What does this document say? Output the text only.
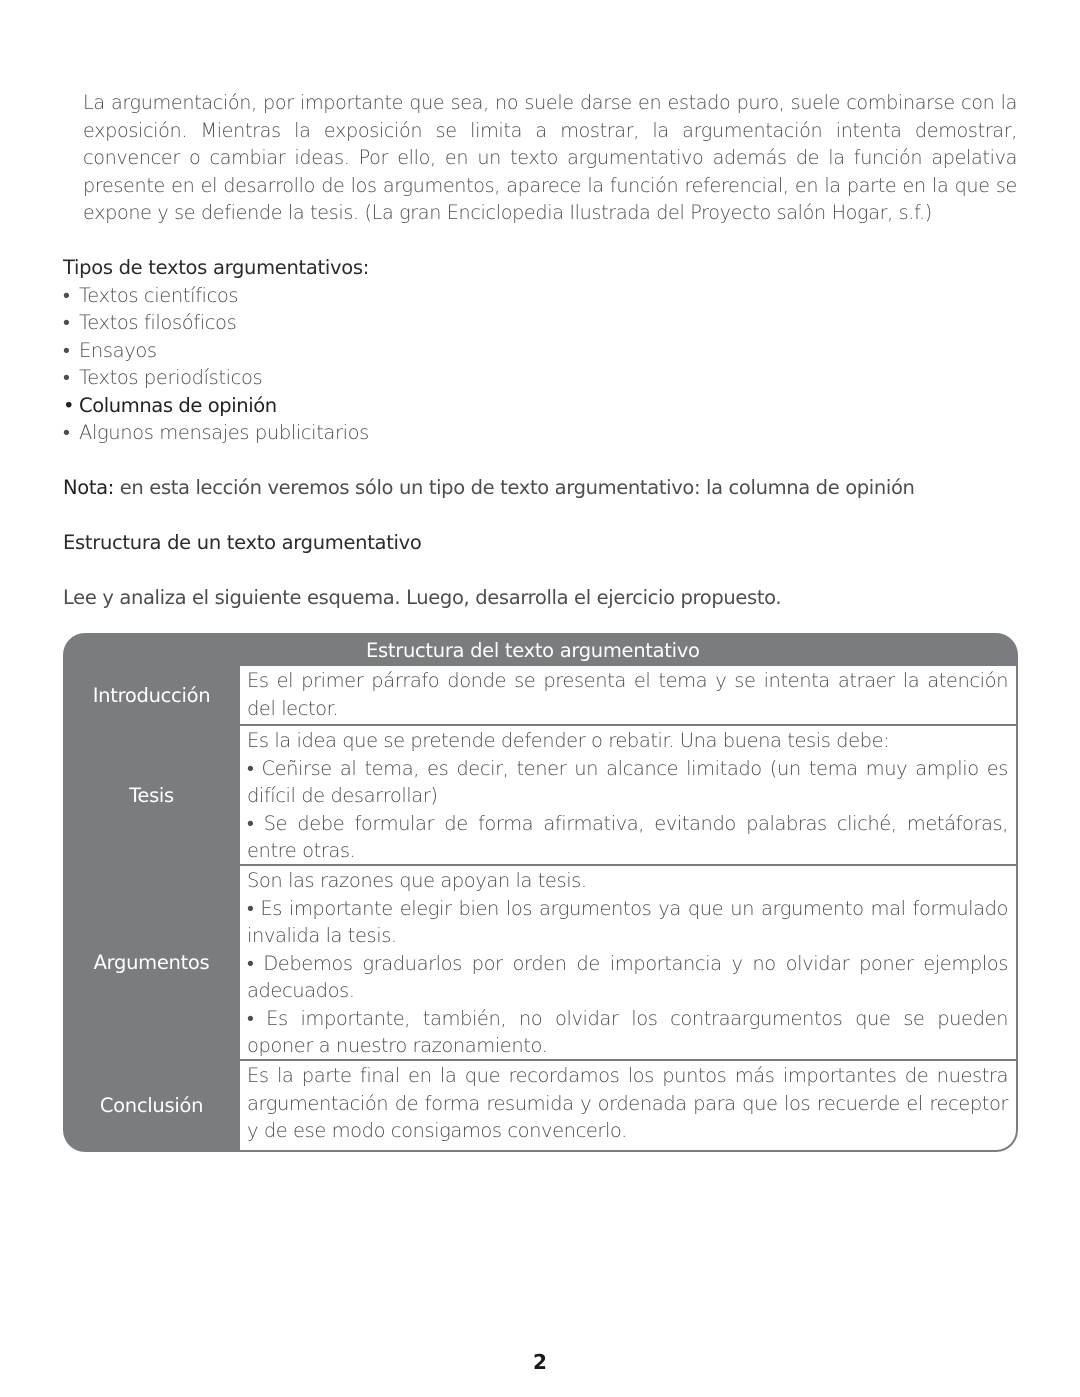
La argumentación, por importante que sea, no suele darse en estado puro, suele combinarse con la exposición. Mientras la exposición se limita a mostrar, la argumentación intenta demostrar, convencer o cambiar ideas. Por ello, en un texto argumentativo además de la función apelativa presente en el desarrollo de los argumentos, aparece la función referencial, en la parte en la que se expone y se defiende la tesis. (La gran Enciclopedia Ilustrada del Proyecto salón Hogar, s.f.)

Tipos de textos argumentativos:

• Textos científicos
• Textos filosóficos
• Ensayos
• Textos periodísticos
• Columnas de opinión
• Algunos mensajes publicitarios

Nota: en esta lección veremos sólo un tipo de texto argumentativo: la columna de opinión

Estructura de un texto argumentativo

Lee y analiza el siguiente esquema. Luego, desarrolla el ejercicio propuesto.

Estructura del texto argumentativo
Introducción

Es el primer párrafo donde se presenta el tema y se intenta atraer la atención del lector.

Tesis

Es la idea que se pretende defender o rebatir. Una buena tesis debe:

• Ceñirse al tema, es decir, tener un alcance limitado (un tema muy amplio es difícil de desarrollar)

• Se debe formular de forma afirmativa, evitando palabras cliché, metáforas, entre otras.

Argumentos

Son las razones que apoyan la tesis.

• Es importante elegir bien los argumentos ya que un argumento mal formulado invalida la tesis.

• Debemos graduarlos por orden de importancia y no olvidar poner ejemplos adecuados.

• Es importante, también, no olvidar los contraargumentos que se pueden oponer a nuestro razonamiento.

Conclusión

Es la parte final en la que recordamos los puntos más importantes de nuestra argumentación de forma resumida y ordenada para que los recuerde el receptor y de ese modo consigamos convencerlo.

2
